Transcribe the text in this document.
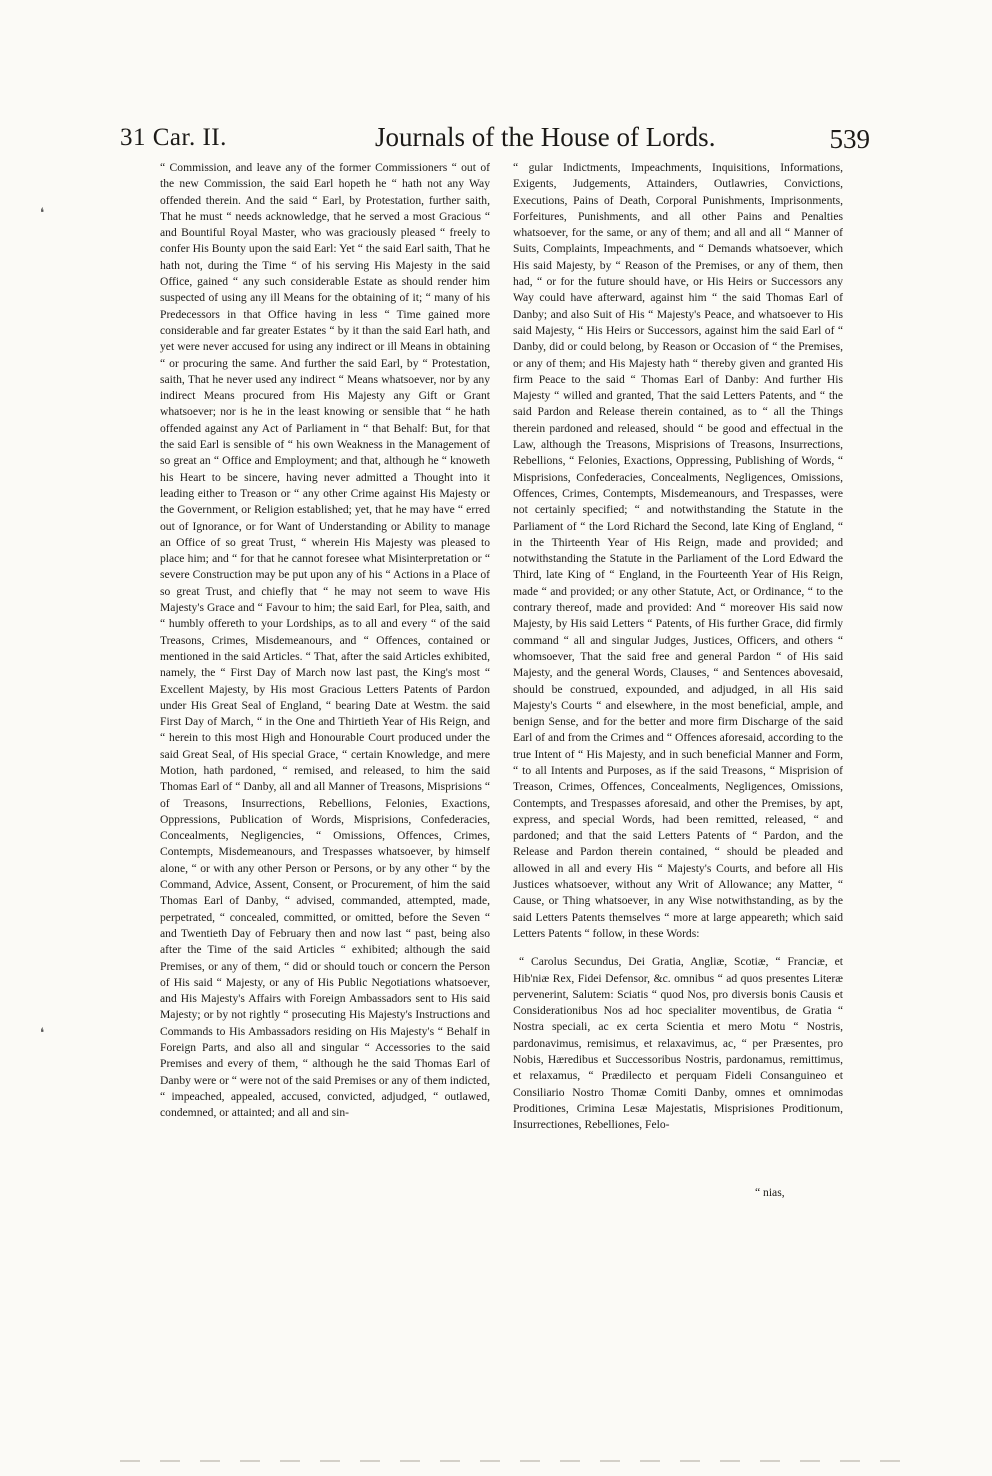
31 Car. II.	Journals of the House of Lords.	539
❛
❛

“ Commission, and leave any of the former Commissioners “ out of the new Commission, the said Earl hopeth he “ hath not any Way offended therein. And the said “ Earl, by Protestation, further saith, That he must “ needs acknowledge, that he served a most Gracious “ and Bountiful Royal Master, who was graciously pleased “ freely to confer His Bounty upon the said Earl: Yet “ the said Earl saith, That he hath not, during the Time “ of his serving His Majesty in the said Office, gained “ any such considerable Estate as should render him suspected of using any ill Means for the obtaining of it; “ many of his Predecessors in that Office having in less “ Time gained more considerable and far greater Estates “ by it than the said Earl hath, and yet were never accused for using any indirect or ill Means in obtaining “ or procuring the same. And further the said Earl, by “ Protestation, saith, That he never used any indirect “ Means whatsoever, nor by any indirect Means procured from His Majesty any Gift or Grant whatsoever; nor is he in the least knowing or sensible that “ he hath offended against any Act of Parliament in “ that Behalf: But, for that the said Earl is sensible of “ his own Weakness in the Management of so great an “ Office and Employment; and that, although he “ knoweth his Heart to be sincere, having never admitted a Thought into it leading either to Treason or “ any other Crime against His Majesty or the Government, or Religion established; yet, that he may have “ erred out of Ignorance, or for Want of Understanding or Ability to manage an Office of so great Trust, “ wherein His Majesty was pleased to place him; and “ for that he cannot foresee what Misinterpretation or “ severe Construction may be put upon any of his “ Actions in a Place of so great Trust, and chiefly that “ he may not seem to wave His Majesty's Grace and “ Favour to him; the said Earl, for Plea, saith, and “ humbly offereth to your Lordships, as to all and every “ of the said Treasons, Crimes, Misdemeanours, and “ Offences, contained or mentioned in the said Articles. “ That, after the said Articles exhibited, namely, the “ First Day of March now last past, the King's most “ Excellent Majesty, by His most Gracious Letters Patents of Pardon under His Great Seal of England, “ bearing Date at Westm. the said First Day of March, “ in the One and Thirtieth Year of His Reign, and “ herein to this most High and Honourable Court produced under the said Great Seal, of His special Grace, “ certain Knowledge, and mere Motion, hath pardoned, “ remised, and released, to him the said Thomas Earl of “ Danby, all and all Manner of Treasons, Misprisions “ of Treasons, Insurrections, Rebellions, Felonies, Exactions, Oppressions, Publication of Words, Misprisions, Confederacies, Concealments, Negligencies, “ Omissions, Offences, Crimes, Contempts, Misdemeanours, and Trespasses whatsoever, by himself alone, “ or with any other Person or Persons, or by any other “ by the Command, Advice, Assent, Consent, or Procurement, of him the said Thomas Earl of Danby, “ advised, commanded, attempted, made, perpetrated, “ concealed, committed, or omitted, before the Seven “ and Twentieth Day of February then and now last “ past, being also after the Time of the said Articles “ exhibited; although the said Premises, or any of them, “ did or should touch or concern the Person of His said “ Majesty, or any of His Public Negotiations whatsoever, and His Majesty's Affairs with Foreign Ambassadors sent to His said Majesty; or by not rightly “ prosecuting His Majesty's Instructions and Commands to His Ambassadors residing on His Majesty's “ Behalf in Foreign Parts, and also all and singular “ Accessories to the said Premises and every of them, “ although he the said Thomas Earl of Danby were or “ were not of the said Premises or any of them indicted, “ impeached, appealed, accused, convicted, adjudged, “ outlawed, condemned, or attainted; and all and sin-

“ gular Indictments, Impeachments, Inquisitions, Informations, Exigents, Judgements, Attainders, Outlawries, Convictions, Executions, Pains of Death, Corporal Punishments, Imprisonments, Forfeitures, Punishments, and all other Pains and Penalties whatsoever, for the same, or any of them; and all and all “ Manner of Suits, Complaints, Impeachments, and “ Demands whatsoever, which His said Majesty, by “ Reason of the Premises, or any of them, then had, “ or for the future should have, or His Heirs or Successors any Way could have afterward, against him “ the said Thomas Earl of Danby; and also Suit of His “ Majesty's Peace, and whatsoever to His said Majesty, “ His Heirs or Successors, against him the said Earl of “ Danby, did or could belong, by Reason or Occasion of “ the Premises, or any of them; and His Majesty hath “ thereby given and granted His firm Peace to the said “ Thomas Earl of Danby: And further His Majesty “ willed and granted, That the said Letters Patents, and “ the said Pardon and Release therein contained, as to “ all the Things therein pardoned and released, should “ be good and effectual in the Law, although the Treasons, Misprisions of Treasons, Insurrections, Rebellions, “ Felonies, Exactions, Oppressing, Publishing of Words, “ Misprisions, Confederacies, Concealments, Negligences, Omissions, Offences, Crimes, Contempts, Misdemeanours, and Trespasses, were not certainly specified; “ and notwithstanding the Statute in the Parliament of “ the Lord Richard the Second, late King of England, “ in the Thirteenth Year of His Reign, made and provided; and notwithstanding the Statute in the Parliament of the Lord Edward the Third, late King of “ England, in the Fourteenth Year of His Reign, made “ and provided; or any other Statute, Act, or Ordinance, “ to the contrary thereof, made and provided: And “ moreover His said now Majesty, by His said Letters “ Patents, of His further Grace, did firmly command “ all and singular Judges, Justices, Officers, and others “ whomsoever, That the said free and general Pardon “ of His said Majesty, and the general Words, Clauses, “ and Sentences abovesaid, should be construed, expounded, and adjudged, in all His said Majesty's Courts “ and elsewhere, in the most beneficial, ample, and benign Sense, and for the better and more firm Discharge of the said Earl of and from the Crimes and “ Offences aforesaid, according to the true Intent of “ His Majesty, and in such beneficial Manner and Form, “ to all Intents and Purposes, as if the said Treasons, “ Misprision of Treason, Crimes, Offences, Concealments, Negligences, Omissions, Contempts, and Trespasses aforesaid, and other the Premises, by apt, express, and special Words, had been remitted, released, “ and pardoned; and that the said Letters Patents of “ Pardon, and the Release and Pardon therein contained, “ should be pleaded and allowed in all and every His “ Majesty's Courts, and before all His Justices whatsoever, without any Writ of Allowance; any Matter, “ Cause, or Thing whatsoever, in any Wise notwithstanding, as by the said Letters Patents themselves “ more at large appeareth; which said Letters Patents “ follow, in these Words:

“ Carolus Secundus, Dei Gratia, Angliæ, Scotiæ, “ Franciæ, et Hib'niæ Rex, Fidei Defensor, &c. omnibus “ ad quos presentes Literæ pervenerint, Salutem: Sciatis “ quod Nos, pro diversis bonis Causis et Considerationibus Nos ad hoc specialiter moventibus, de Gratia “ Nostra speciali, ac ex certa Scientia et mero Motu “ Nostris, pardonavimus, remisimus, et relaxavimus, ac, “ per Præsentes, pro Nobis, Hæredibus et Successoribus Nostris, pardonamus, remittimus, et relaxamus, “ Prædilecto et perquam Fideli Consanguineo et Consiliario Nostro Thomæ Comiti Danby, omnes et omnimodas Proditiones, Crimina Lesæ Majestatis, Misprisiones Proditionum, Insurrectiones, Rebelliones, Felo-

“ nias,
